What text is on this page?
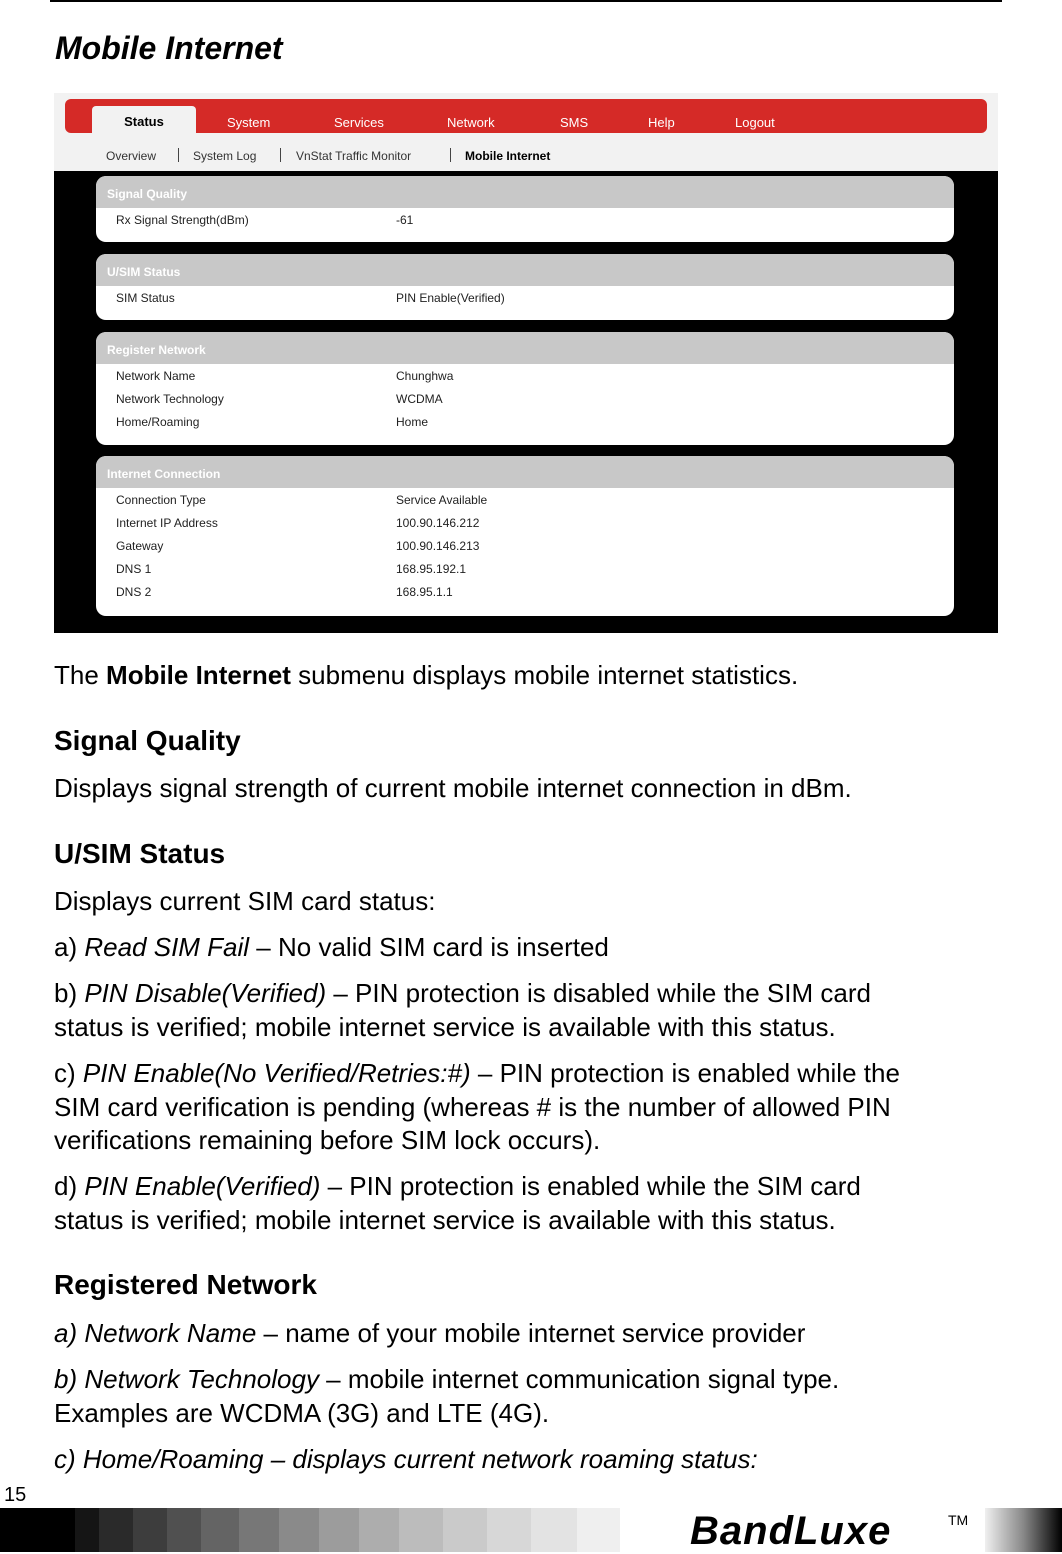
Mobile Internet
Status	System	Services	Network	SMS	Help	Logout
Overview	System Log	VnStat Traffic Monitor	Mobile Internet
Signal Quality
Rx Signal Strength(dBm)	-61
U/SIM Status
SIM Status	PIN Enable(Verified)
Register Network
Network Name	Chunghwa
Network Technology	WCDMA
Home/Roaming	Home
Internet Connection
Connection Type	Service Available
Internet IP Address	100.90.146.212
Gateway	100.90.146.213
DNS 1	168.95.192.1
DNS 2	168.95.1.1
The Mobile Internet submenu displays mobile internet statistics.
Signal Quality
Displays signal strength of current mobile internet connection in dBm.
U/SIM Status
Displays current SIM card status:
a) Read SIM Fail – No valid SIM card is inserted
b) PIN Disable(Verified) – PIN protection is disabled while the SIM card
status is verified; mobile internet service is available with this status.
c) PIN Enable(No Verified/Retries:#) – PIN protection is enabled while the
SIM card verification is pending (whereas # is the number of allowed PIN
verifications remaining before SIM lock occurs).
d) PIN Enable(Verified) – PIN protection is enabled while the SIM card
status is verified; mobile internet service is available with this status.
Registered Network
a) Network Name – name of your mobile internet service provider
b) Network Technology – mobile internet communication signal type.
Examples are WCDMA (3G) and LTE (4G).
c) Home/Roaming – displays current network roaming status:
15
BandLuxe	TM
